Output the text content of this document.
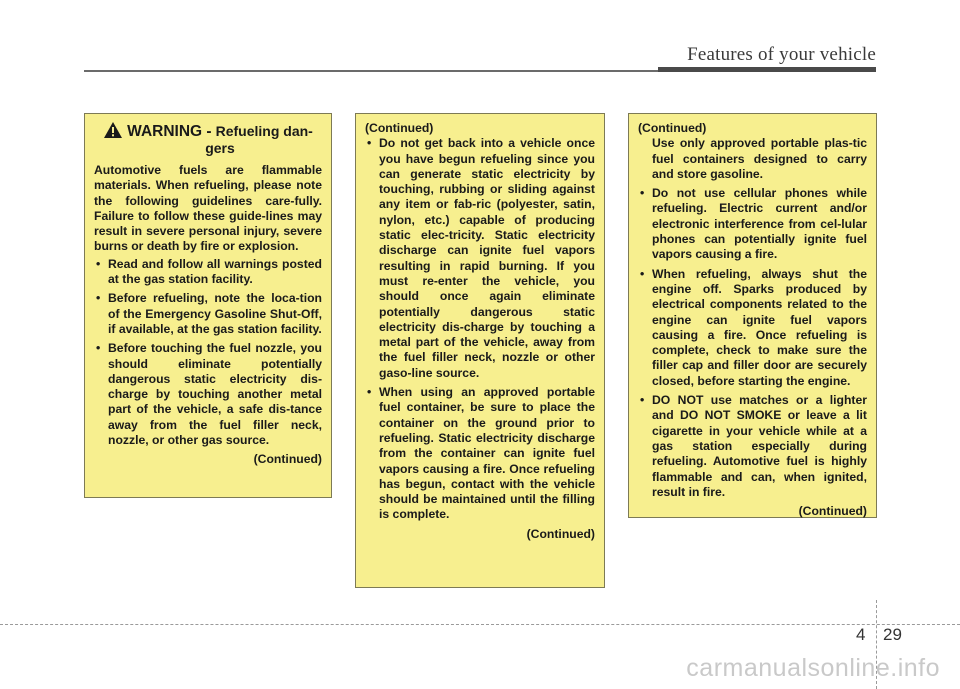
Features of your vehicle
WARNING - Refueling dan-
gers

Automotive fuels are flammable materials. When refueling, please note the following guidelines care-fully. Failure to follow these guide-lines may result in severe personal injury, severe burns or death by fire or explosion.

• Read and follow all warnings posted at the gas station facility.
• Before refueling, note the loca-tion of the Emergency Gasoline Shut-Off, if available, at the gas station facility.
• Before touching the fuel nozzle, you should eliminate potentially dangerous static electricity dis-charge by touching another metal part of the vehicle, a safe dis-tance away from the fuel filler neck, nozzle, or other gas source.
(Continued)

(Continued)

• Do not get back into a vehicle once you have begun refueling since you can generate static electricity by touching, rubbing or sliding against any item or fab-ric (polyester, satin, nylon, etc.) capable of producing static elec-tricity. Static electricity discharge can ignite fuel vapors resulting in rapid burning. If you must re-enter the vehicle, you should once again eliminate potentially dangerous static electricity dis-charge by touching a metal part of the vehicle, away from the fuel filler neck, nozzle or other gaso-line source.
• When using an approved portable fuel container, be sure to place the container on the ground prior to refueling. Static electricity discharge from the container can ignite fuel vapors causing a fire. Once refueling has begun, contact with the vehicle should be maintained until the filling is complete.
(Continued)

(Continued)

Use only approved portable plas-tic fuel containers designed to carry and store gasoline.
• Do not use cellular phones while refueling. Electric current and/or electronic interference from cel-lular phones can potentially ignite fuel vapors causing a fire.
• When refueling, always shut the engine off. Sparks produced by electrical components related to the engine can ignite fuel vapors causing a fire. Once refueling is complete, check to make sure the filler cap and filler door are securely closed, before starting the engine.
• DO NOT use matches or a lighter and DO NOT SMOKE or leave a lit cigarette in your vehicle while at a gas station especially during refueling. Automotive fuel is highly flammable and can, when ignited, result in fire.
(Continued)
4 29
carmanualsonline.info
